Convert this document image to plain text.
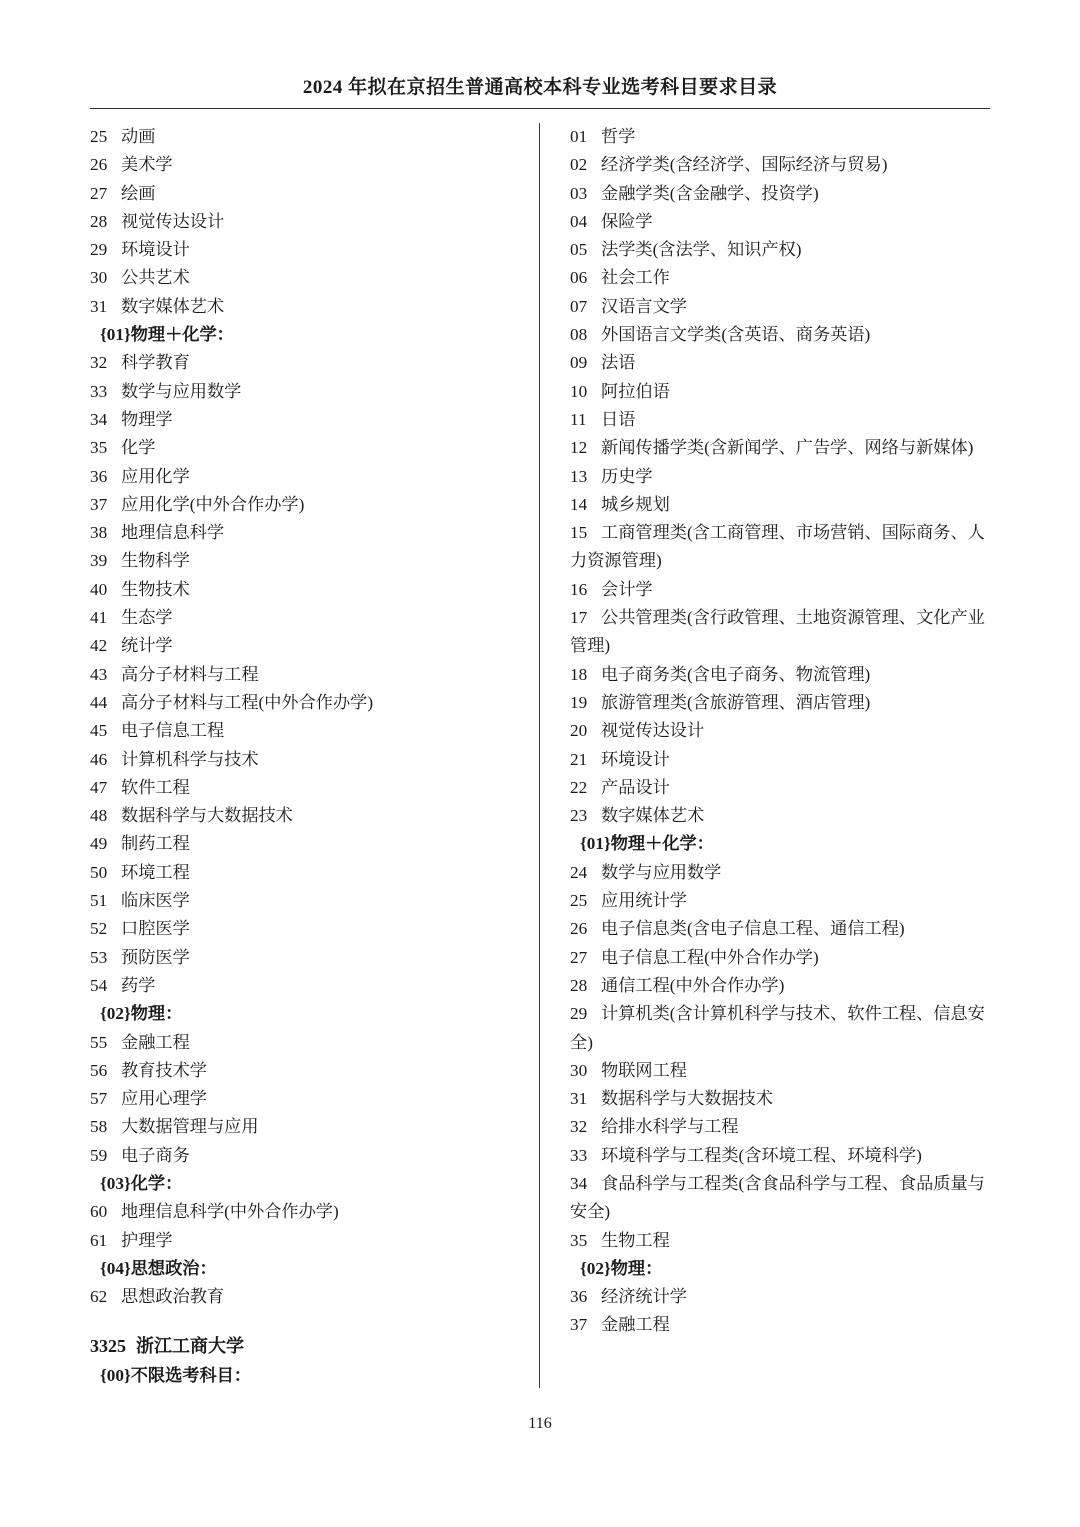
2024 年拟在京招生普通高校本科专业选考科目要求目录
25 动画
26 美术学
27 绘画
28 视觉传达设计
29 环境设计
30 公共艺术
31 数字媒体艺术
{01}物理＋化学：
32 科学教育
33 数学与应用数学
34 物理学
35 化学
36 应用化学
37 应用化学(中外合作办学)
38 地理信息科学
39 生物科学
40 生物技术
41 生态学
42 统计学
43 高分子材料与工程
44 高分子材料与工程(中外合作办学)
45 电子信息工程
46 计算机科学与技术
47 软件工程
48 数据科学与大数据技术
49 制药工程
50 环境工程
51 临床医学
52 口腔医学
53 预防医学
54 药学
{02}物理：
55 金融工程
56 教育技术学
57 应用心理学
58 大数据管理与应用
59 电子商务
{03}化学：
60 地理信息科学(中外合作办学)
61 护理学
{04}思想政治：
62 思想政治教育
3325 浙江工商大学
{00}不限选考科目：
01 哲学
02 经济学类(含经济学、国际经济与贸易)
03 金融学类(含金融学、投资学)
04 保险学
05 法学类(含法学、知识产权)
06 社会工作
07 汉语言文学
08 外国语言文学类(含英语、商务英语)
09 法语
10 阿拉伯语
11 日语
12 新闻传播学类(含新闻学、广告学、网络与新媒体)
13 历史学
14 城乡规划
15 工商管理类(含工商管理、市场营销、国际商务、人力资源管理)
16 会计学
17 公共管理类(含行政管理、土地资源管理、文化产业管理)
18 电子商务类(含电子商务、物流管理)
19 旅游管理类(含旅游管理、酒店管理)
20 视觉传达设计
21 环境设计
22 产品设计
23 数字媒体艺术
{01}物理＋化学：
24 数学与应用数学
25 应用统计学
26 电子信息类(含电子信息工程、通信工程)
27 电子信息工程(中外合作办学)
28 通信工程(中外合作办学)
29 计算机类(含计算机科学与技术、软件工程、信息安全)
30 物联网工程
31 数据科学与大数据技术
32 给排水科学与工程
33 环境科学与工程类(含环境工程、环境科学)
34 食品科学与工程类(含食品科学与工程、食品质量与安全)
35 生物工程
{02}物理：
36 经济统计学
37 金融工程
116
